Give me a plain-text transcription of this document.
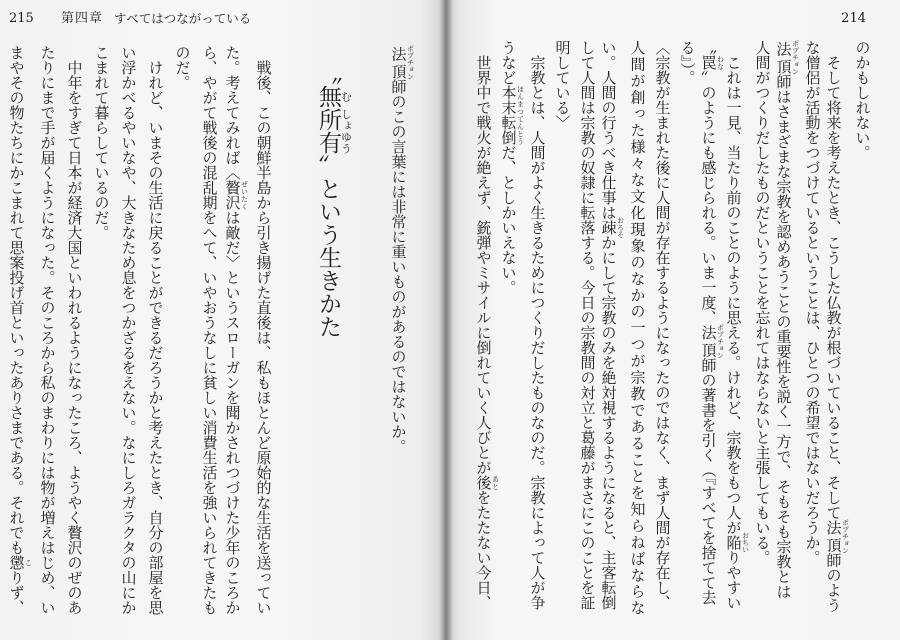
215 第四章 すべてはつながっている
法頂 ポプチョン師のこの言葉には非常に重いものがあるのではないか。
〝無む所有しょゆう〟という生きかた
　戦後、この朝鮮半島から引き揚げた直後は、私もほとんど原始的な生活を送ってい
た。考えてみれば〈贅沢 ぜいたくは敵だ〉というスローガンを聞かされつづけた少年のころか
ら、やがて戦後の混乱期をへて、いやおうなしに貧しい消費生活を強いられてきたも
のだ。
　けれど、いまその生活に戻ることができるだろうかと考えたとき、自分の部屋を思
い浮かべるやいなや、大きなため息をつかざるをえない。なにしろガラクタの山にか
こまれて暮らしているのだ。
　中年をすぎて日本が経済大国といわれるようになったころ、ようやく贅沢のぜのあ
たりにまで手が届くようになった。そのころから私のまわりには物が増えはじめ、い
まやその物たちにかこまれて思案投げ首といったありさまである。それでも懲 こりず、
214
のかもしれない。
　そして将来を考えたとき、こうした仏教が根づいていること、そして法頂 ポプチョン師のよう
な僧侶が活動をつづけているということは、ひとつの希望ではないだろうか。
法頂 ポプチョン師はさまざまな宗教を認めあうことの重要性を説く一方で、そもそも宗教とは
人間がつくりだしたものだということを忘れてはならないと主張してもいる。
　これは一見、当たり前のことのように思える。けれど、宗教をもつ人が陥 おちいりやすい
〝罠 わな〟のようにも感じられる。いま一度、法頂 ポプチョン師の著書を引く（『すべてを捨てて去
る』）。
〈宗教が生まれた後に人間が存在するようになったのではなく、まず人間が存在し、
人間が創った様々な文化現象のなかの一つが宗教であることを知らねばならな
い。人間の行うべき仕事は疎 おろそかにして宗教のみを絶対視するようになると、主客転倒
して人間は宗教の奴隷に転落する。今日の宗教間の対立と葛藤がまさにこのことを証
明している〉
　宗教とは、人間がよく生きるためにつくりだしたものなのだ。宗教によって人が争
うなど本末転倒 ほんまつてんとうだ、としかいえない。
　世界中で戦火が絶えず、銃弾やミサイルに倒れていく人びとが後 あとをたたない今日、
